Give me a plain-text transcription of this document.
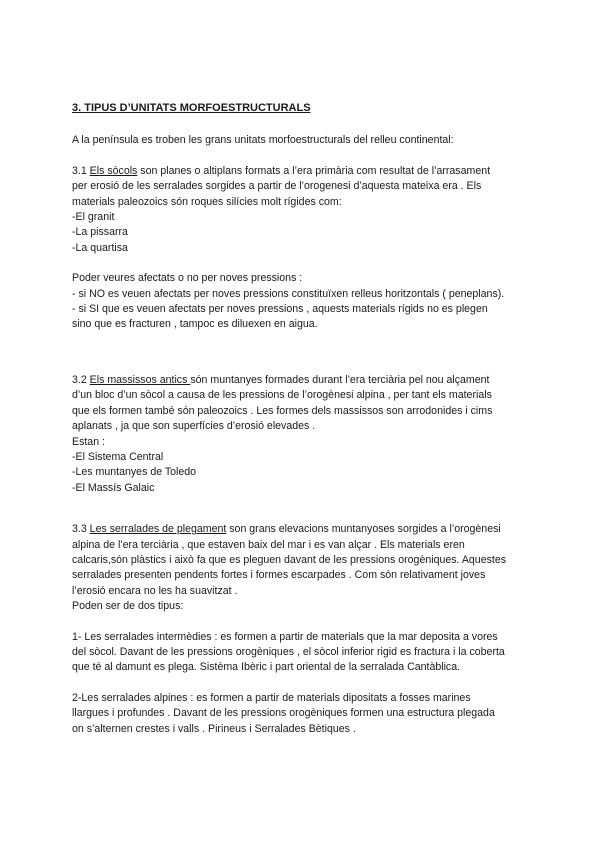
3. TIPUS D’UNITATS MORFOESTRUCTURALS

A la península es troben les grans unitats morfoestructurals del relleu continental:

3.1 Els sòcols son planes o altiplans formats a l’era primària com resultat de l’arrasament

per erosió de les serralades sorgides a partir de l’orogenesi d’aquesta mateixa era . Els

materials paleozoics són roques silícies molt rígides com:

-El granit

-La pissarra

-La quartisa

Poder veures afectats o no per noves pressions :

- si NO es veuen afectats per noves pressions constituïxen relleus horitzontals ( peneplans).

- si SI que es veuen afectats per noves pressions , aquests materials rígids no es plegen

sino que es fracturen , tampoc es diluexen en aigua.

3.2 Els massissos antics són muntanyes formades durant l’era terciària pel nou alçament

d’un bloc d’un sòcol a causa de les pressions de l’orogènesi alpina , per tant els materials

que els formen també són paleozoics . Les formes dels massissos son arrodonides i cims

aplanats , ja que son superfícies d’erosió elevades .

Estan :

-El Sistema Central

-Les muntanyes de Toledo

-El Massís Galaic

3.3 Les serralades de plegament son grans elevacions muntanyoses sorgides a l’orogènesi

alpina de l’era terciària , que estaven baix del mar i es van alçar . Els materials eren

calcaris,són plàstics i això fa que es pleguen davant de les pressions orogèniques. Aquestes

serralades presenten pendents fortes i formes escarpades . Com són relativament joves

l’erosió encara no les ha suavitzat .

Poden ser de dos tipus:

1- Les serralades intermèdies : es formen a partir de materials que la mar deposita a vores

del sòcol. Davant de les pressions orogèniques , el sòcol inferior rigid es fractura i la coberta

que té al damunt es plega. Sistèma Ibèric i part oriental de la serralada Cantàblica.

2-Les serralades alpines : es formen a partir de materials dipositats a fosses marines

llargues i profundes . Davant de les pressions orogèniques formen una estructura plegada

on s’alternen crestes i valls . Pirineus i Serralades Bètiques .
